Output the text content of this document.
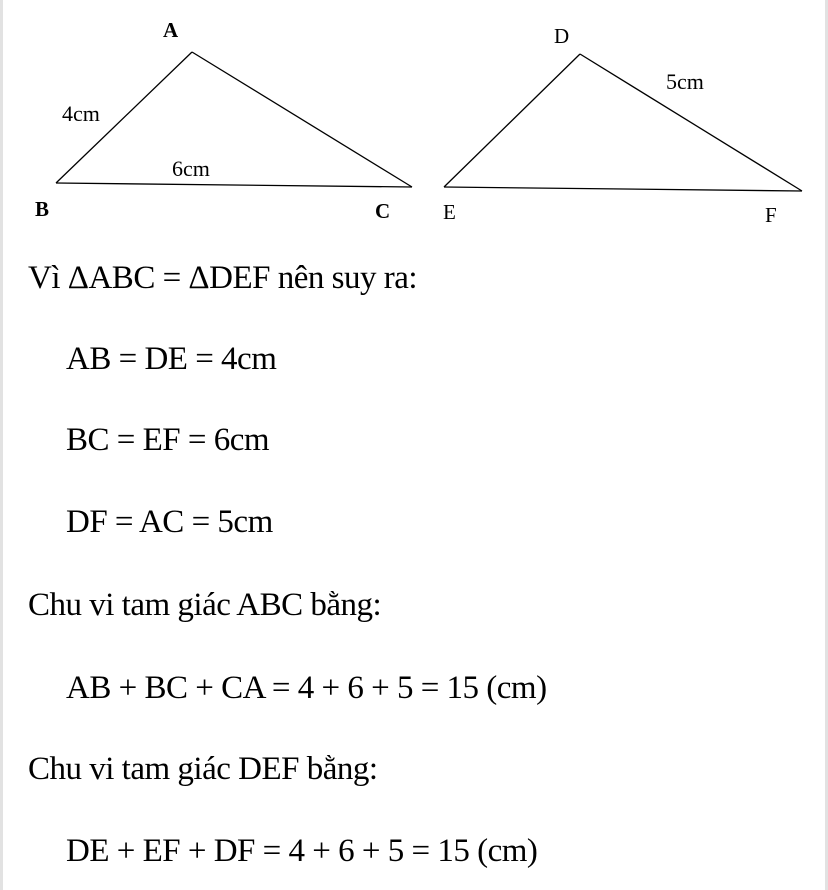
A
B	C
4cm
6cm
D
E	F
5cm
Vì ΔABC = ΔDEF nên suy ra:
AB = DE = 4cm
BC = EF = 6cm
DF = AC = 5cm
Chu vi tam giác ABC bằng:
AB + BC + CA = 4 + 6 + 5 = 15 (cm)
Chu vi tam giác DEF bằng:
DE + EF + DF = 4 + 6 + 5 = 15 (cm)
